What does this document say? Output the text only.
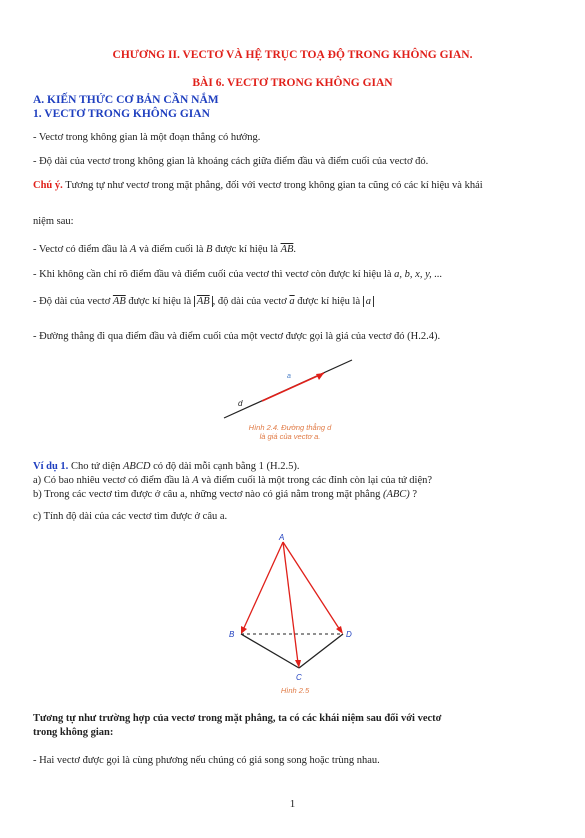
CHƯƠNG II. VECTƠ VÀ HỆ TRỤC TOẠ ĐỘ TRONG KHÔNG GIAN.
BÀI 6. VECTƠ TRONG KHÔNG GIAN
A. KIẾN THỨC CƠ BẢN CẦN NẮM
1. VECTƠ TRONG KHÔNG GIAN
- Vectơ trong không gian là một đoạn thẳng có hướng.
- Độ dài của vectơ trong không gian là khoảng cách giữa điểm đầu và điểm cuối của vectơ đó.
Chú ý. Tương tự như vectơ trong mặt phẳng, đối với vectơ trong không gian ta cũng có các kí hiệu và khái
niệm sau:
- Vectơ có điểm đầu là A và điểm cuối là B được kí hiệu là $\overline{AB}$.
- Khi không cần chỉ rõ điểm đầu và điểm cuối của vectơ thì vectơ còn được kí hiệu là a, b, x, y, ...
- Độ dài của vectơ $\overline{AB}$ được kí hiệu là $\overline{AB}$ , độ dài của vectơ $\overline{a}$ được kí hiệu là a
- Đường thẳng đi qua điểm đầu và điểm cuối của một vectơ được gọi là giá của vectơ đó (H.2.4).
a
d
Hình 2.4. Đường thẳng d
là giá của vectơ a.
Ví dụ 1. Cho tứ diện ABCD có độ dài mỗi cạnh bằng 1 (H.2.5).
a) Có bao nhiêu vectơ có điểm đầu là A và điểm cuối là một trong các đỉnh còn lại của tứ diện?
b) Trong các vectơ tìm được ở câu a, những vectơ nào có giá nằm trong mặt phẳng (ABC) ?
c) Tính độ dài của các vectơ tìm được ở câu a.
A
B
C
D
Hình 2.5
Tương tự như trường hợp của vectơ trong mặt phẳng, ta có các khái niệm sau đối với vectơ
trong không gian:
- Hai vectơ được gọi là cùng phương nếu chúng có giá song song hoặc trùng nhau.
1
